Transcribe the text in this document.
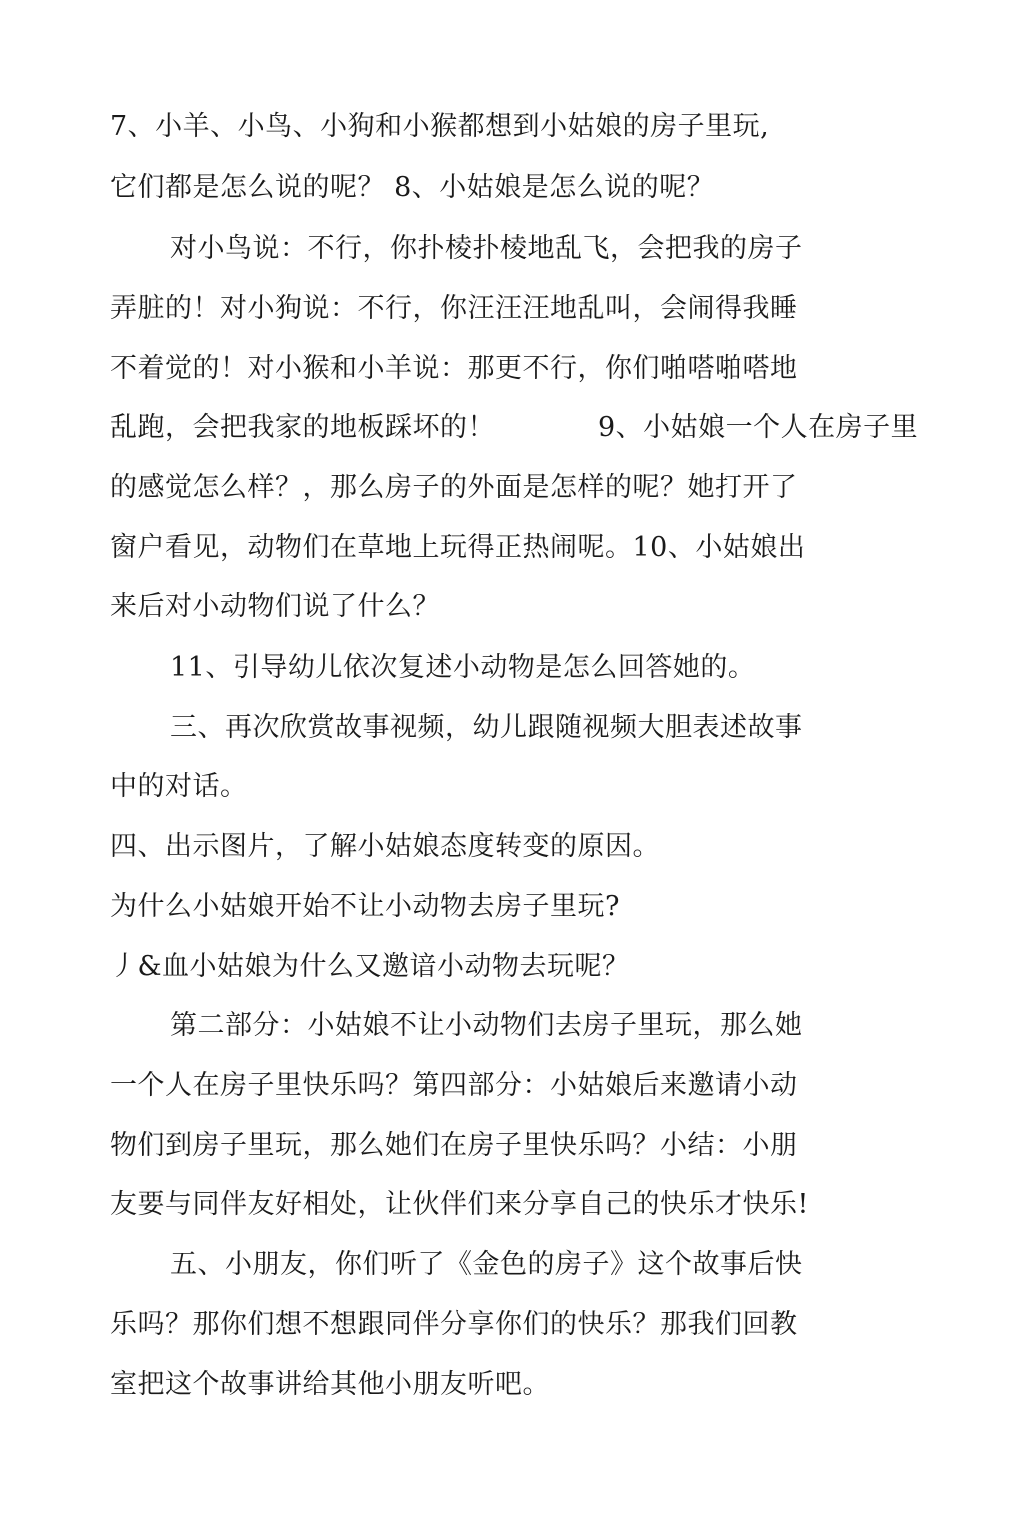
7、小羊、小鸟、小狗和小猴都想到小姑娘的房子里玩,
它们都是怎么说的呢？ 8、小姑娘是怎么说的呢？
对小鸟说：不行，你扑棱扑棱地乱飞，会把我的房子
弄脏的！对小狗说：不行，你汪汪汪地乱叫，会闹得我睡
不着觉的！对小猴和小羊说：那更不行，你们啪嗒啪嗒地
乱跑，会把我家的地板踩坏的！	9、小姑娘一个人在房子里
的感觉怎么样？，那么房子的外面是怎样的呢？她打开了
窗户看见，动物们在草地上玩得正热闹呢。10、小姑娘出
来后对小动物们说了什么？
11、引导幼儿依次复述小动物是怎么回答她的。
三、再次欣赏故事视频，幼儿跟随视频大胆表述故事
中的对话。
四、出示图片，了解小姑娘态度转变的原因。
为什么小姑娘开始不让小动物去房子里玩?
丿&血小姑娘为什么又邀谙小动物去玩呢？
第二部分：小姑娘不让小动物们去房子里玩，那么她
一个人在房子里快乐吗？第四部分：小姑娘后来邀请小动
物们到房子里玩，那么她们在房子里快乐吗？小结：小朋
友要与同伴友好相处，让伙伴们来分享自己的快乐才快乐!
五、小朋友，你们听了《金色的房子》这个故事后快
乐吗？那你们想不想跟同伴分享你们的快乐？那我们回教
室把这个故事讲给其他小朋友听吧。
